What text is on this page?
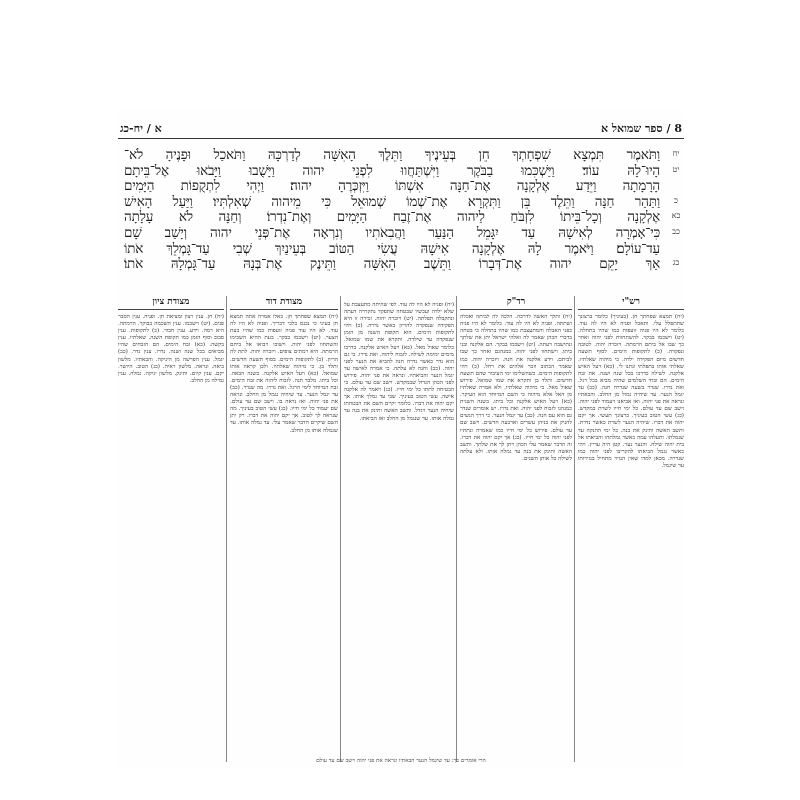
8 / ספר שמואל א
א / יח-כג
יח
וַתֹּאמֶר תִּמְצָא שִׁפְחָתְךָ חֵן בְּעֵינֶיךָ וַתֵּלֶךְ הָאִשָּׁה לְדַרְכָּהּ וַתֹּאכַל וּפָנֶיהָ לֹא־
יט
הָיוּ־לָהּ עוֹד׃ וַיַּשְׁכִּמוּ בַבֹּקֶר וַיִּשְׁתַּחֲווּ לִפְנֵי יהוה וַיָּשֻׁבוּ וַיָּבֹאוּ אֶל־בֵּיתָם
הָרָמָתָה וַיֵּדַע אֶלְקָנָה אֶת־חַנָּה אִשְׁתּוֹ וַיִּזְכְּרֶהָ יהוה׃ וַיְהִי לִתְקֻפוֹת הַיָּמִים
כ
וַתַּהַר חַנָּה וַתֵּלֶד בֵּן וַתִּקְרָא אֶת־שְׁמוֹ שְׁמוּאֵל כִּי מֵיהוה שְׁאִלְתִּיו׃ וַיַּעַל הָאִישׁ
כא
אֶלְקָנָה וְכָל־בֵּיתוֹ לִזְבֹּחַ לַיהוה אֶת־זֶבַח הַיָּמִים וְאֶת־נִדְרוֹ׃ וְחַנָּה לֹא עָלָתָה
כב
כִּי־אָמְרָה לְאִישָׁהּ עַד יִגָּמֵל הַנַּעַר וַהֲבִאֹתִיו וְנִרְאָה אֶת־פְּנֵי יהוה וְיָשַׁב שָׁם
עַד־עוֹלָם׃ וַיֹּאמֶר לָהּ אֶלְקָנָה אִישָׁהּ עֲשִׂי הַטּוֹב בְּעֵינַיִךְ שְׁבִי עַד־גָּמְלֵךְ אֹתוֹ
כג
אַךְ יָקֵם יהוה אֶת־דְּבָרוֹ וַתֵּשֶׁב הָאִשָּׁה וַתֵּינֶק אֶת־בְּנָהּ עַד־גָּמְלָהּ אֹתוֹ׃
רש"י
(יח) תמצא שפחתך חן. (בעיניך) כלומר ברצונך שתתפלל עלי. ותאכל ופניה לא היו לה עוד. כלומר לא היו פניה זועפות כמו שהיו בתחלה. (יט) וישכמו בבקר. להשתחוות לפני יהוה ואחר כך שבו אל ביתם הרמתה. ויזכרה יהוה. לטובה ונפקדה. (כ) לתקופות הימים. לסוף תשעה חדשים מיום הפקידה ילדה. כי מיהוה שאלתיו. שאלתי אותו בתפלתי ונתנו לי. (כא) ויעל האיש אלקנה. לשילה כדרכו בכל שנה ושנה. את זבח הימים. הם זבחי השלמים שהיה מביא בכל רגל. ואת נדרו. שנדר בשעה שנדרה חנה. (כב) עד יגמל הנער. עד שיהיה גמול מן החלב. והבאתיו ונראה את פני יהוה. ואז אביאנו ויעמוד לפני יהוה. וישב שם עד עולם. כל ימי חייו לשרת במקדש. (כג) עשי הטוב בעיניך. כרצונך תעשי. אך יקם יהוה את דברו. שיהיה הנער לשרת כאשר נדרת. ותשב האשה ותינק את בנה. כל ימי ההנקה עד שגמלתו. ותעלהו עמה כאשר גמלתהו והביאתו אל בית יהוה שילה. והנער נער. קטן היה עדיין. ויהי כאשר נגמל הביאתו להקריבו לפני יהוה כמו שנדרה. מכאן למדו שאין הנזיר מתחיל בנזירותו עד שיגמל.
רד"ק
(יח) ותלך האשה לדרכה. הלכה לה לביתה ואכלה ושתתה. ופניה לא היו לה עוד. כלומר לא היו פניה כפני האבלה והמתעצבת כמו שהיו בתחלה כי בטחה בדברי הכהן שאמר לה ואלהי ישראל יתן את שלתך ונתישבה דעתה. (יט) וישכמו בבקר. הם אלקנה ובני ביתו. וישתחוו לפני יהוה. כמנהגם ואחר כך שבו לביתם. וידע אלקנה את חנה. ויזכרה יהוה. כמו שאמר הכתוב וזכר אלהים את רחל. (כ) ויהי לתקופות הימים. כשהשלימו ימי העיבור שהם תשעה חדשים. ותלד בן ותקרא את שמו שמואל. פירוש שאול מאל. כי מיהוה שאלתיו. ולא אמרה שאלתיו מן האל אלא מיהוה כי השם המיוחד הוא העיקר. (כא) ויעל האיש אלקנה וכל ביתו. בשנה השנית כמנהגו לזבוח לפני יהוה. ואת נדרו. יש אומרים שנדר גם הוא עם חנה. (כב) עד יגמל הנער. כי דרך הנשים להניק את בניהן עשרים וארבעה חדשים. וישב שם עד עולם. פירוש כל ימי חייו כמו שאמרה ונתתיו לפני יהוה כל ימי חייו. (כג) אך יקם יהוה את דברו. זה הדבר שאמר עלי הכהן ויתן לך את שלתך. ותשב האשה ותינק את בנה עד גמלה אותו. ולא עלתה לשילה כל אותן השנים.
(יח) ופניה לא היו לה עוד. לפי שהיתה מתעצבת על שלא ילדה ועכשיו שבטחה שתפקד נתקררה דעתה ונתקבלה תפלתה. (יט) ויזכרה יהוה. זכירה זו היא הפקידה שנפקדה להריון כאשר נדרה. (כ) ויהי לתקופות הימים. הוא תקופת השנה מן הזמן שנפקדה עד שילדה. ותקרא את שמו שמואל. כלומר שאול מאל. (כא) ויעל האיש אלקנה. כדרכו מימים ימימה לשילה. לזבוח ליהוה. ואת נדרו. כי גם הוא נדר כאשר נדרה חנה להביא את הנער לפני יהוה. (כב) וחנה לא עלתה. כי אמרה לאישה עד יגמל הנער והביאתיו. ונראה את פני יהוה. פירוש לפני הכהן הגדול שבמקדש. וישב שם עד עולם. כי הבטיחה לתתו כל ימי חייו. (כג) ויאמר לה אלקנה אישה. עשי הטוב בעיניך. שבי עד גמלך אותו. אך יקם יהוה את דברו. כלומר יקיים השם את הבטחתו שיחיה הנער ויגדל. ותשב האשה ותינק את בנה עד גמלה אותו. עד שנגמל מן החלב ואז הביאתו.
מצודת דוד
(יח) תמצא שפחתך חן. כאלו אמרה אתה תמצא חן בעיני כי נכנס בלבי דבריך. ופניה לא היו לה עוד. לא היו עוד פניה זועפות כמו שהיו בעת הצער. (יט) וישכמו בבקר. בעת ההיא השכימו והשתחוו לפני יהוה. וישובו ויבואו אל ביתם הרמתה. היא רמתים צופים. ויזכרה יהוה. לתת לה הריון. (כ) לתקופות הימים. בסוף תשעה חדשים. ותלד בן. כי מיהוה שאלתיו. ולכן קראה אותו שמואל. (כא) ויעל האיש אלקנה. בשנה הבאה. וכל ביתו. מלבד חנה. לזבוח ליהוה את זבח הימים. זבח המיוחד לימי הרגל. ואת נדרו. מה שנדר. (כב) עד יגמל הנער. עד שיהיה נגמל מן החלב. ונראה את פני יהוה. ואז נראה בו. וישב שם עד עולם. שם יעמוד כל ימי חייו. (כג) עשי הטוב בעיניך. מה שנראה לך לטוב. אך יקם יהוה את דברו. רק יתן השם שיקיים הדבר שאמר עלי. עד גמלה אותו. עד שגמלה אותו מן החלב.
מצודת ציון
(יח) חן. ענין רצון ומציאת חן. ופניה. ענין הסבר פנים. (יט) וישכמו. ענין השכמה בבוקר. הרמתה. היא רמה. וידע. ענין חבור. (כ) לתקופות. ענין סבוב וסוף הזמן כמו תקופת השנה. שאלתיו. ענין בקשה. (כא) זבח הימים. הם הזבחים שהיו מביאים בכל שנה ושנה. נדרו. ענין נדר. (כב) יגמל. ענין הפרשה מן היניקה. והבאתיו. מלשון ביאה. ונראה. מלשון ראיה. (כג) הטוב. היושר. יקם. ענין קיום. ותינק. מלשון יניקה. גמלה. ענין גמילה מן החלב.
הרי אומרים כך: עד שיגמל הנער הבאתיו ונראה את פני יהוה וישב שם עד עולם
